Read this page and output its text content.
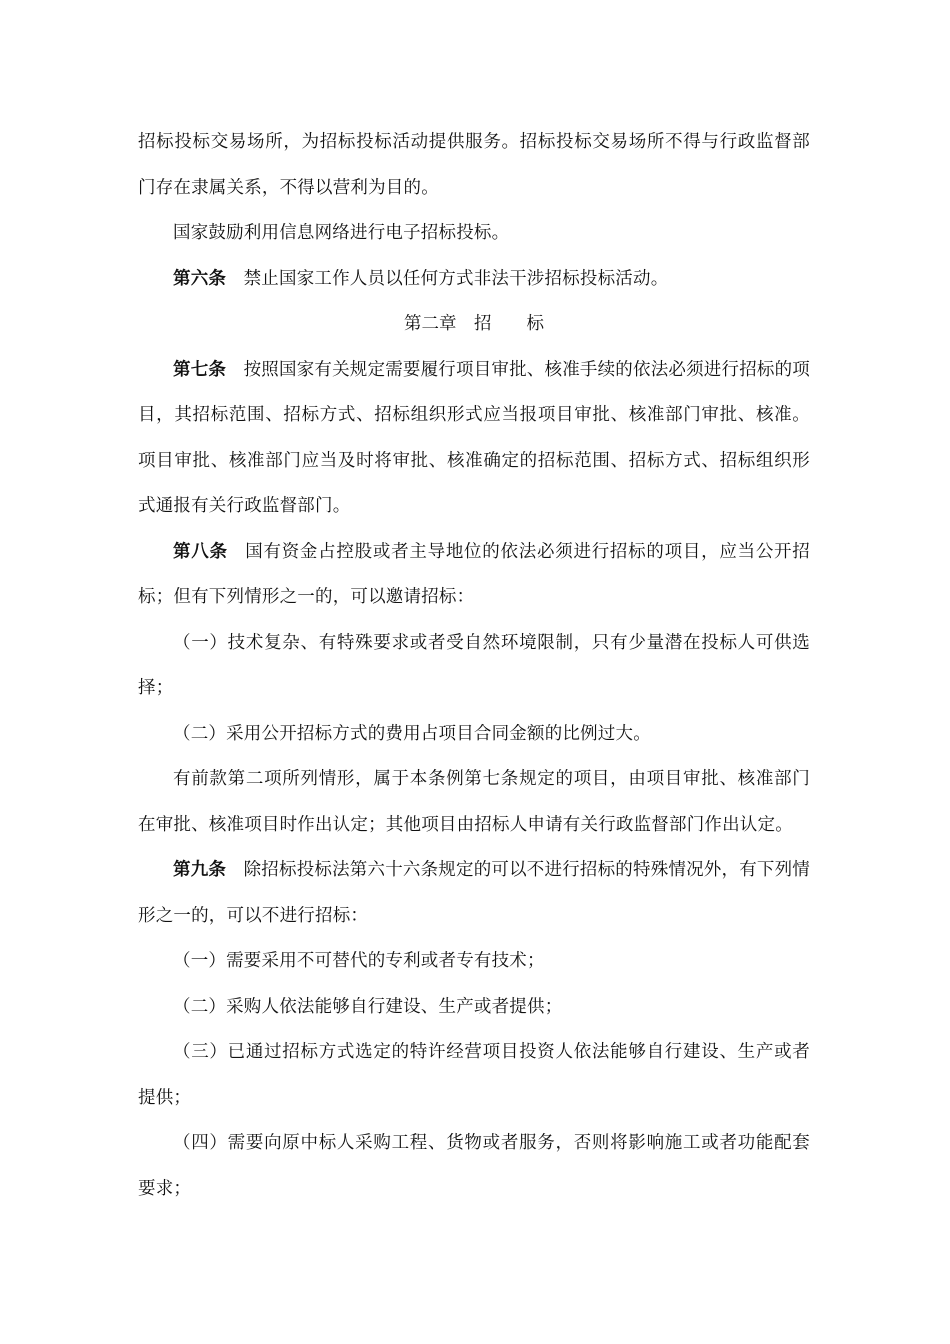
招标投标交易场所，为招标投标活动提供服务。招标投标交易场所不得与行政监督部门存在隶属关系，不得以营利为目的。

国家鼓励利用信息网络进行电子招标投标。

第六条 禁止国家工作人员以任何方式非法干涉招标投标活动。

第二章　招　　标

第七条 按照国家有关规定需要履行项目审批、核准手续的依法必须进行招标的项目，其招标范围、招标方式、招标组织形式应当报项目审批、核准部门审批、核准。项目审批、核准部门应当及时将审批、核准确定的招标范围、招标方式、招标组织形式通报有关行政监督部门。

第八条 国有资金占控股或者主导地位的依法必须进行招标的项目，应当公开招标；但有下列情形之一的，可以邀请招标：

（一）技术复杂、有特殊要求或者受自然环境限制，只有少量潜在投标人可供选择；

（二）采用公开招标方式的费用占项目合同金额的比例过大。

有前款第二项所列情形，属于本条例第七条规定的项目，由项目审批、核准部门在审批、核准项目时作出认定；其他项目由招标人申请有关行政监督部门作出认定。

第九条 除招标投标法第六十六条规定的可以不进行招标的特殊情况外，有下列情形之一的，可以不进行招标：

（一）需要采用不可替代的专利或者专有技术；

（二）采购人依法能够自行建设、生产或者提供；

（三）已通过招标方式选定的特许经营项目投资人依法能够自行建设、生产或者提供；

（四）需要向原中标人采购工程、货物或者服务，否则将影响施工或者功能配套要求；
